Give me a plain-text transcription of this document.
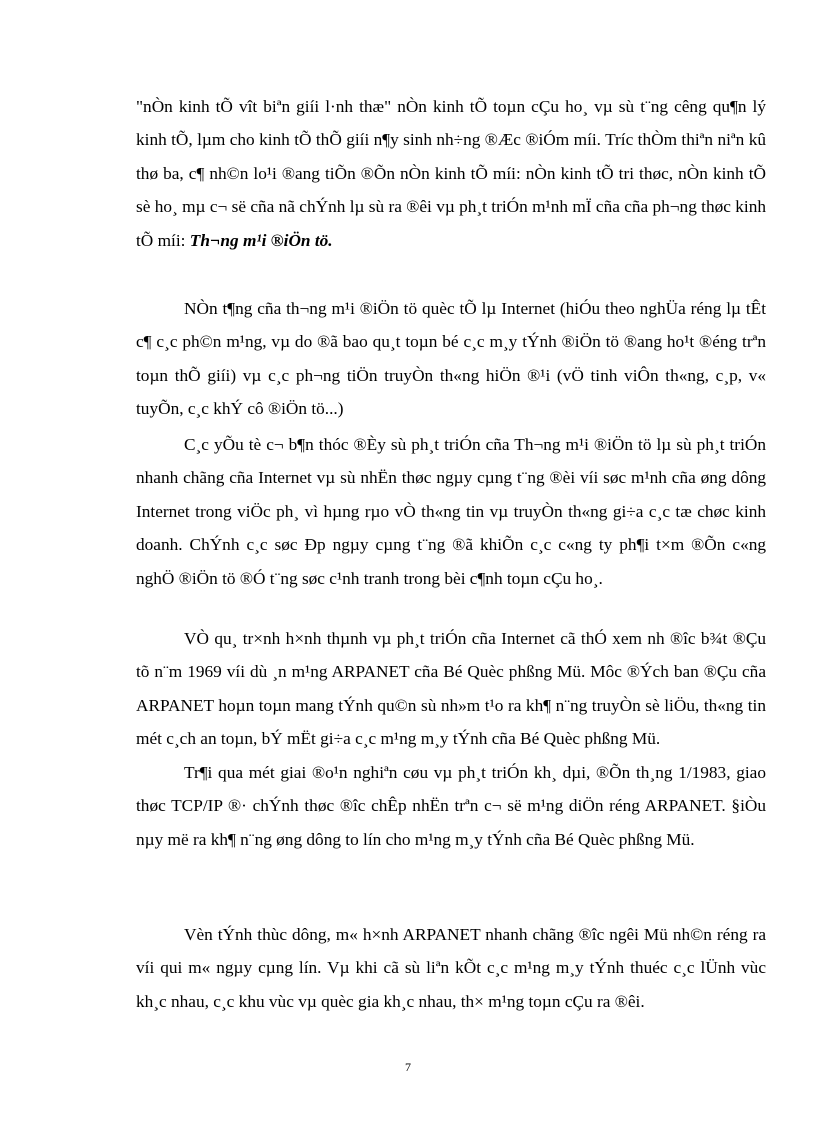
"nÒn kinh tÕ vît biªn giíi l·nh thæ" nÒn kinh tÕ toµn cÇu ho¸ vµ sù t¨ng cêng qu¶n lý kinh tÕ, lµm cho kinh tÕ thÕ giíi n¶y sinh nh÷ng ®Æc ®iÓm míi. Tríc thÒm thiªn niªn kû thø ba, c¶ nh©n lo¹i ®ang tiÕn ®Õn nÒn kinh tÕ míi: nÒn kinh tÕ tri thøc, nÒn kinh tÕ sè ho¸ mµ c¬ së cña nã chÝnh lµ sù ra ®êi vµ ph¸t triÓn m¹nh mÏ cña cña ph¬ng thøc kinh tÕ míi: Th¬ng m¹i ®iÖn tö.

NÒn t¶ng cña th¬ng m¹i ®iÖn tö quèc tÕ lµ Internet (hiÓu theo nghÜa réng lµ tÊt c¶ c¸c ph©n m¹ng, vµ do ®ã bao qu¸t toµn bé c¸c m¸y tÝnh ®iÖn tö ®ang ho¹t ®éng trªn toµn thÕ giíi) vµ c¸c ph¬ng tiÖn truyÒn th«ng hiÖn ®¹i (vÖ tinh viÔn th«ng, c¸p, v« tuyÕn, c¸c khÝ cô ®iÖn tö...)

C¸c yÕu tè c¬ b¶n thóc ®Èy sù ph¸t triÓn cña Th¬ng m¹i ®iÖn tö lµ sù ph¸t triÓn nhanh chãng cña Internet vµ sù nhËn thøc ngµy cµng t¨ng ®èi víi søc m¹nh cña øng dông Internet trong viÖc ph¸ vì hµng rµo vÒ th«ng tin vµ truyÒn th«ng gi÷a c¸c tæ chøc kinh doanh. ChÝnh c¸c søc Ðp ngµy cµng t¨ng ®ã khiÕn c¸c c«ng ty ph¶i t×m ®Õn c«ng nghÖ ®iÖn tö ®Ó t¨ng søc c¹nh tranh trong bèi c¶nh toµn cÇu ho¸.

VÒ qu¸ tr×nh h×nh thµnh vµ ph¸t triÓn cña Internet cã thÓ xem nh ®îc b¾t ®Çu tõ n¨m 1969 víi dù ¸n m¹ng ARPANET cña Bé Quèc phßng Mü. Môc ®Ých ban ®Çu cña ARPANET hoµn toµn mang tÝnh qu©n sù nh»m t¹o ra kh¶ n¨ng truyÒn sè liÖu, th«ng tin mét c¸ch an toµn, bÝ mËt gi÷a c¸c m¹ng m¸y tÝnh cña Bé Quèc phßng Mü.

Tr¶i qua mét giai ®o¹n nghiªn cøu vµ ph¸t triÓn kh¸ dµi, ®Õn th¸ng 1/1983, giao thøc TCP/IP ®· chÝnh thøc ®îc chÊp nhËn trªn c¬ së m¹ng diÖn réng ARPANET. §iÒu nµy më ra kh¶ n¨ng øng dông to lín cho m¹ng m¸y tÝnh cña Bé Quèc phßng Mü.

Vèn tÝnh thùc dông, m« h×nh ARPANET nhanh chãng ®îc ngêi Mü nh©n réng ra víi qui m« ngµy cµng lín. Vµ khi cã sù liªn kÕt c¸c m¹ng m¸y tÝnh thuéc c¸c lÜnh vùc kh¸c nhau, c¸c khu vùc vµ quèc gia kh¸c nhau, th× m¹ng toµn cÇu ra ®êi.

7
